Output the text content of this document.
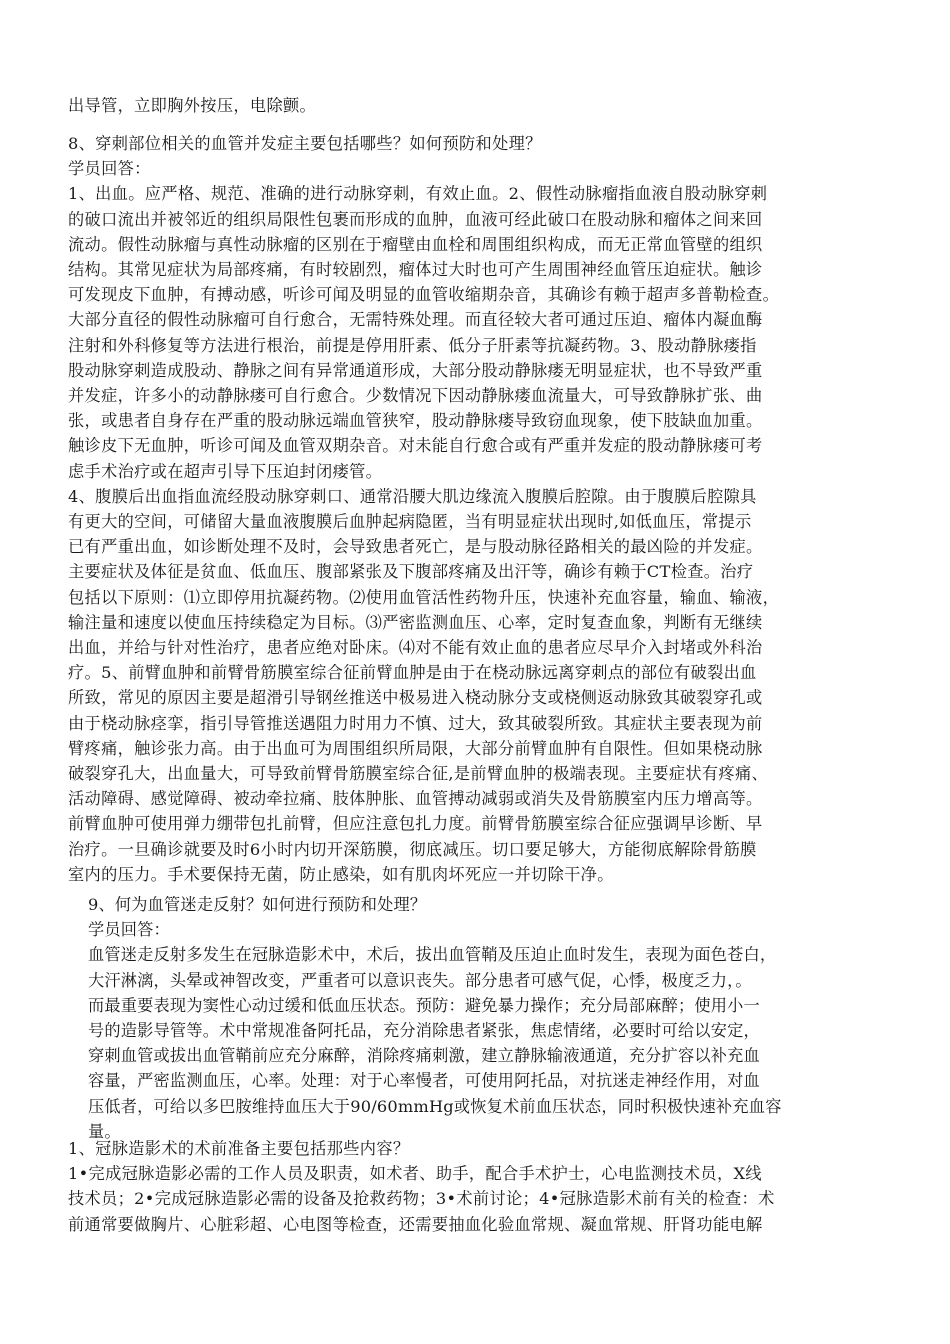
出导管，立即胸外按压，电除颤。
8、穿刺部位相关的血管并发症主要包括哪些？如何预防和处理？
学员回答：
1、出血。应严格、规范、准确的进行动脉穿刺，有效止血。2、假性动脉瘤指血液自股动脉穿刺
的破口流出并被邻近的组织局限性包裹而形成的血肿，血液可经此破口在股动脉和瘤体之间来回
流动。假性动脉瘤与真性动脉瘤的区别在于瘤壁由血栓和周围组织构成，而无正常血管壁的组织
结构。其常见症状为局部疼痛，有时较剧烈，瘤体过大时也可产生周围神经血管压迫症状。触诊
可发现皮下血肿，有搏动感，听诊可闻及明显的血管收缩期杂音，其确诊有赖于超声多普勒检查。
大部分直径的假性动脉瘤可自行愈合，无需特殊处理。而直径较大者可通过压迫、瘤体内凝血酶
注射和外科修复等方法进行根治，前提是停用肝素、低分子肝素等抗凝药物。3、股动静脉瘘指
股动脉穿刺造成股动、静脉之间有异常通道形成，大部分股动静脉瘘无明显症状，也不导致严重
并发症，许多小的动静脉瘘可自行愈合。少数情况下因动静脉瘘血流量大，可导致静脉扩张、曲
张，或患者自身存在严重的股动脉远端血管狭窄，股动静脉瘘导致窃血现象，使下肢缺血加重。
触诊皮下无血肿，听诊可闻及血管双期杂音。对未能自行愈合或有严重并发症的股动静脉瘘可考
虑手术治疗或在超声引导下压迫封闭瘘管。
4、腹膜后出血指血流经股动脉穿刺口、通常沿腰大肌边缘流入腹膜后腔隙。由于腹膜后腔隙具
有更大的空间，可储留大量血液腹膜后血肿起病隐匿，当有明显症状出现时,如低血压，常提示
已有严重出血，如诊断处理不及时，会导致患者死亡，是与股动脉径路相关的最凶险的并发症。
主要症状及体征是贫血、低血压、腹部紧张及下腹部疼痛及出汗等，确诊有赖于CT检查。治疗
包括以下原则：⑴立即停用抗凝药物。⑵使用血管活性药物升压，快速补充血容量，输血、输液，
输注量和速度以使血压持续稳定为目标。⑶严密监测血压、心率，定时复查血象，判断有无继续
出血，并给与针对性治疗，患者应绝对卧床。⑷对不能有效止血的患者应尽早介入封堵或外科治
疗。5、前臂血肿和前臂骨筋膜室综合征前臂血肿是由于在桡动脉远离穿刺点的部位有破裂出血
所致，常见的原因主要是超滑引导钢丝推送中极易进入桡动脉分支或桡侧返动脉致其破裂穿孔或
由于桡动脉痉挛，指引导管推送遇阻力时用力不慎、过大，致其破裂所致。其症状主要表现为前
臂疼痛，触诊张力高。由于出血可为周围组织所局限，大部分前臂血肿有自限性。但如果桡动脉
破裂穿孔大，出血量大，可导致前臂骨筋膜室综合征,是前臂血肿的极端表现。主要症状有疼痛、
活动障碍、感觉障碍、被动牵拉痛、肢体肿胀、血管搏动减弱或消失及骨筋膜室内压力增高等。
前臂血肿可使用弹力绷带包扎前臂，但应注意包扎力度。前臂骨筋膜室综合征应强调早诊断、早
治疗。一旦确诊就要及时6小时内切开深筋膜，彻底减压。切口要足够大，方能彻底解除骨筋膜
室内的压力。手术要保持无菌，防止感染，如有肌肉坏死应一并切除干净。
9、何为血管迷走反射？如何进行预防和处理？
学员回答：
血管迷走反射多发生在冠脉造影术中，术后，拔出血管鞘及压迫止血时发生，表现为面色苍白，
大汗淋漓，头晕或神智改变，严重者可以意识丧失。部分患者可感气促，心悸，极度乏力，。
而最重要表现为窦性心动过缓和低血压状态。预防：避免暴力操作；充分局部麻醉；使用小一
号的造影导管等。术中常规准备阿托品，充分消除患者紧张，焦虑情绪，必要时可给以安定，
穿刺血管或拔出血管鞘前应充分麻醉，消除疼痛刺激，建立静脉输液通道，充分扩容以补充血
容量，严密监测血压，心率。处理：对于心率慢者，可使用阿托品，对抗迷走神经作用，对血
压低者，可给以多巴胺维持血压大于90/60mmHg或恢复术前血压状态，同时积极快速补充血容
量。
1、冠脉造影术的术前准备主要包括那些内容？
1•完成冠脉造影必需的工作人员及职责，如术者、助手，配合手术护士，心电监测技术员，X线
技术员；2•完成冠脉造影必需的设备及抢救药物；3•术前讨论；4•冠脉造影术前有关的检查：术
前通常要做胸片、心脏彩超、心电图等检查，还需要抽血化验血常规、凝血常规、肝肾功能电解
